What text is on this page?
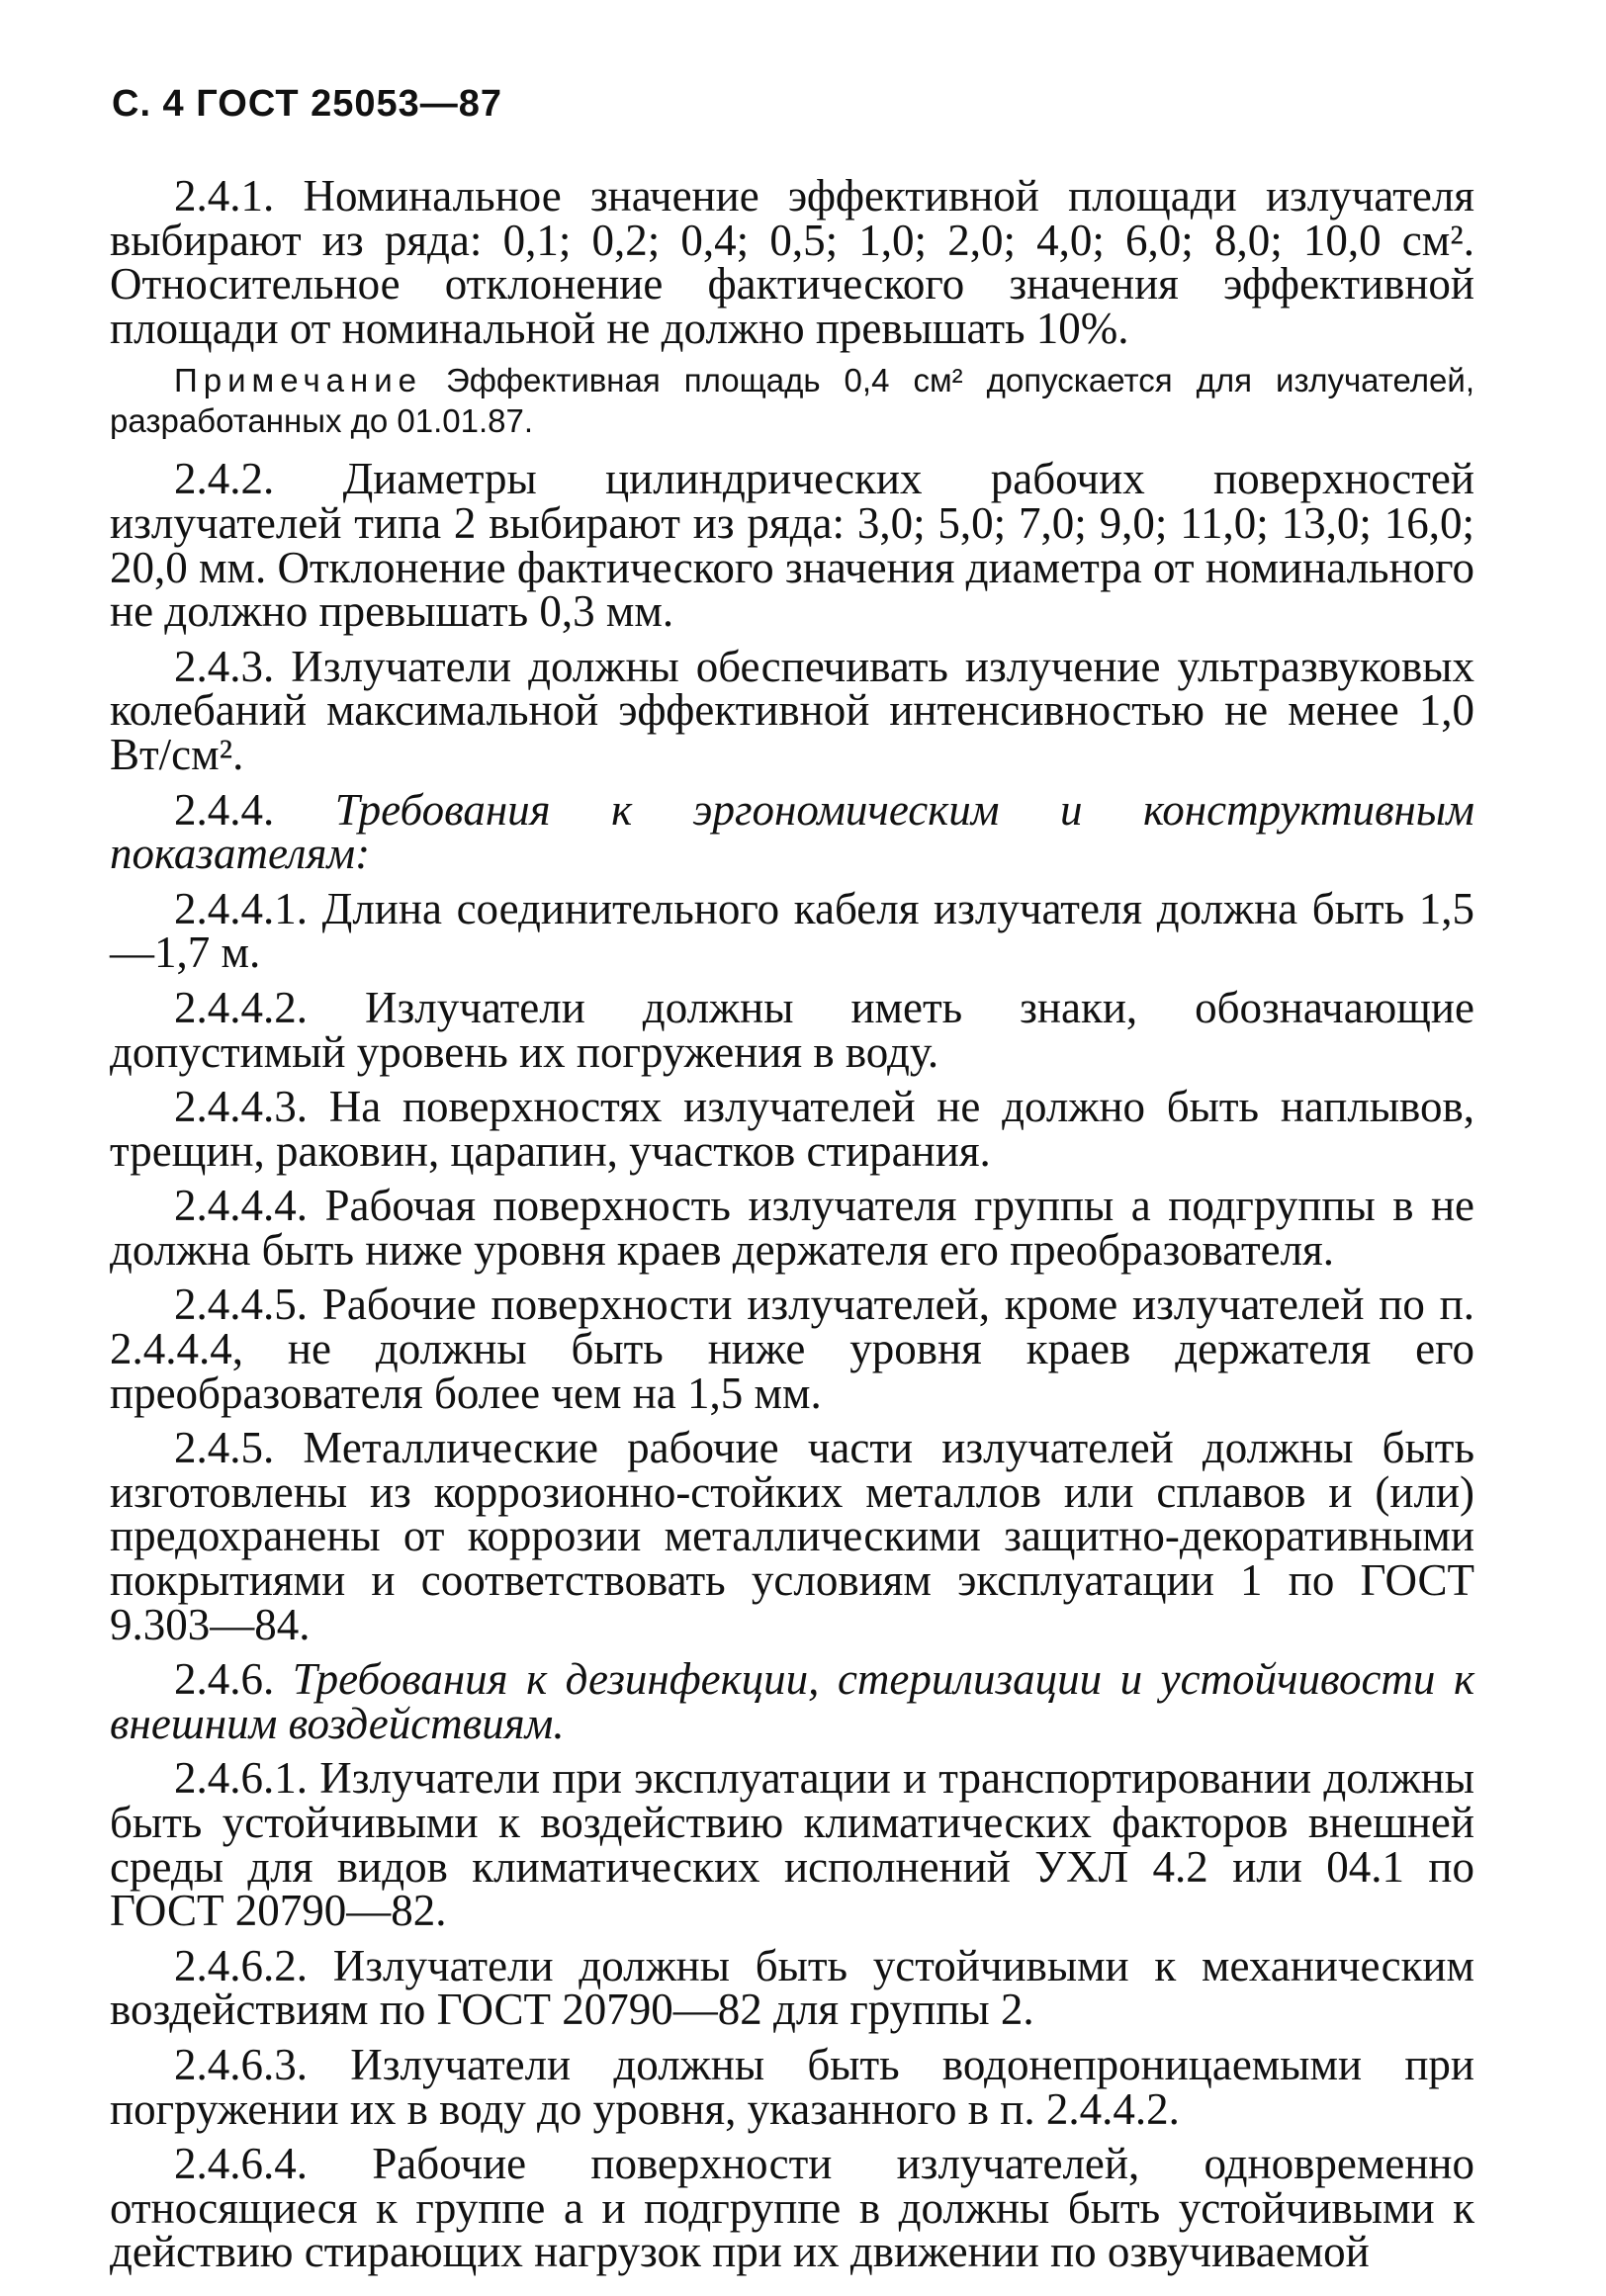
С. 4 ГОСТ 25053—87

2.4.1. Номинальное значение эффективной площади излучателя выбирают из ряда: 0,1; 0,2; 0,4; 0,5; 1,0; 2,0; 4,0; 6,0; 8,0; 10,0 см². Относительное отклонение фактического значения эффективной площади от номинальной не должно превышать 10%.

Примечание Эффективная площадь 0,4 см² допускается для излучателей, разработанных до 01.01.87.

2.4.2. Диаметры цилиндрических рабочих поверхностей излучателей типа 2 выбирают из ряда: 3,0; 5,0; 7,0; 9,0; 11,0; 13,0; 16,0; 20,0 мм. Отклонение фактического значения диаметра от номинального не должно превышать 0,3 мм.

2.4.3. Излучатели должны обеспечивать излучение ультразвуковых колебаний максимальной эффективной интенсивностью не менее 1,0 Вт/см².

2.4.4. Требования к эргономическим и конструктивным показателям:

2.4.4.1. Длина соединительного кабеля излучателя должна быть 1,5—1,7 м.

2.4.4.2. Излучатели должны иметь знаки, обозначающие допустимый уровень их погружения в воду.

2.4.4.3. На поверхностях излучателей не должно быть наплывов, трещин, раковин, царапин, участков стирания.

2.4.4.4. Рабочая поверхность излучателя группы а подгруппы в не должна быть ниже уровня краев держателя его преобразователя.

2.4.4.5. Рабочие поверхности излучателей, кроме излучателей по п. 2.4.4.4, не должны быть ниже уровня краев держателя его преобразователя более чем на 1,5 мм.

2.4.5. Металлические рабочие части излучателей должны быть изготовлены из коррозионно-стойких металлов или сплавов и (или) предохранены от коррозии металлическими защитно-декоративными покрытиями и соответствовать условиям эксплуатации 1 по ГОСТ 9.303—84.

2.4.6. Требования к дезинфекции, стерилизации и устойчивости к внешним воздействиям.

2.4.6.1. Излучатели при эксплуатации и транспортировании должны быть устойчивыми к воздействию климатических факторов внешней среды для видов климатических исполнений УХЛ 4.2 или 04.1 по ГОСТ 20790—82.

2.4.6.2. Излучатели должны быть устойчивыми к механическим воздействиям по ГОСТ 20790—82 для группы 2.

2.4.6.3. Излучатели должны быть водонепроницаемыми при погружении их в воду до уровня, указанного в п. 2.4.4.2.

2.4.6.4. Рабочие поверхности излучателей, одновременно относящиеся к группе а и подгруппе в должны быть устойчивыми к действию стирающих нагрузок при их движении по озвучиваемой
